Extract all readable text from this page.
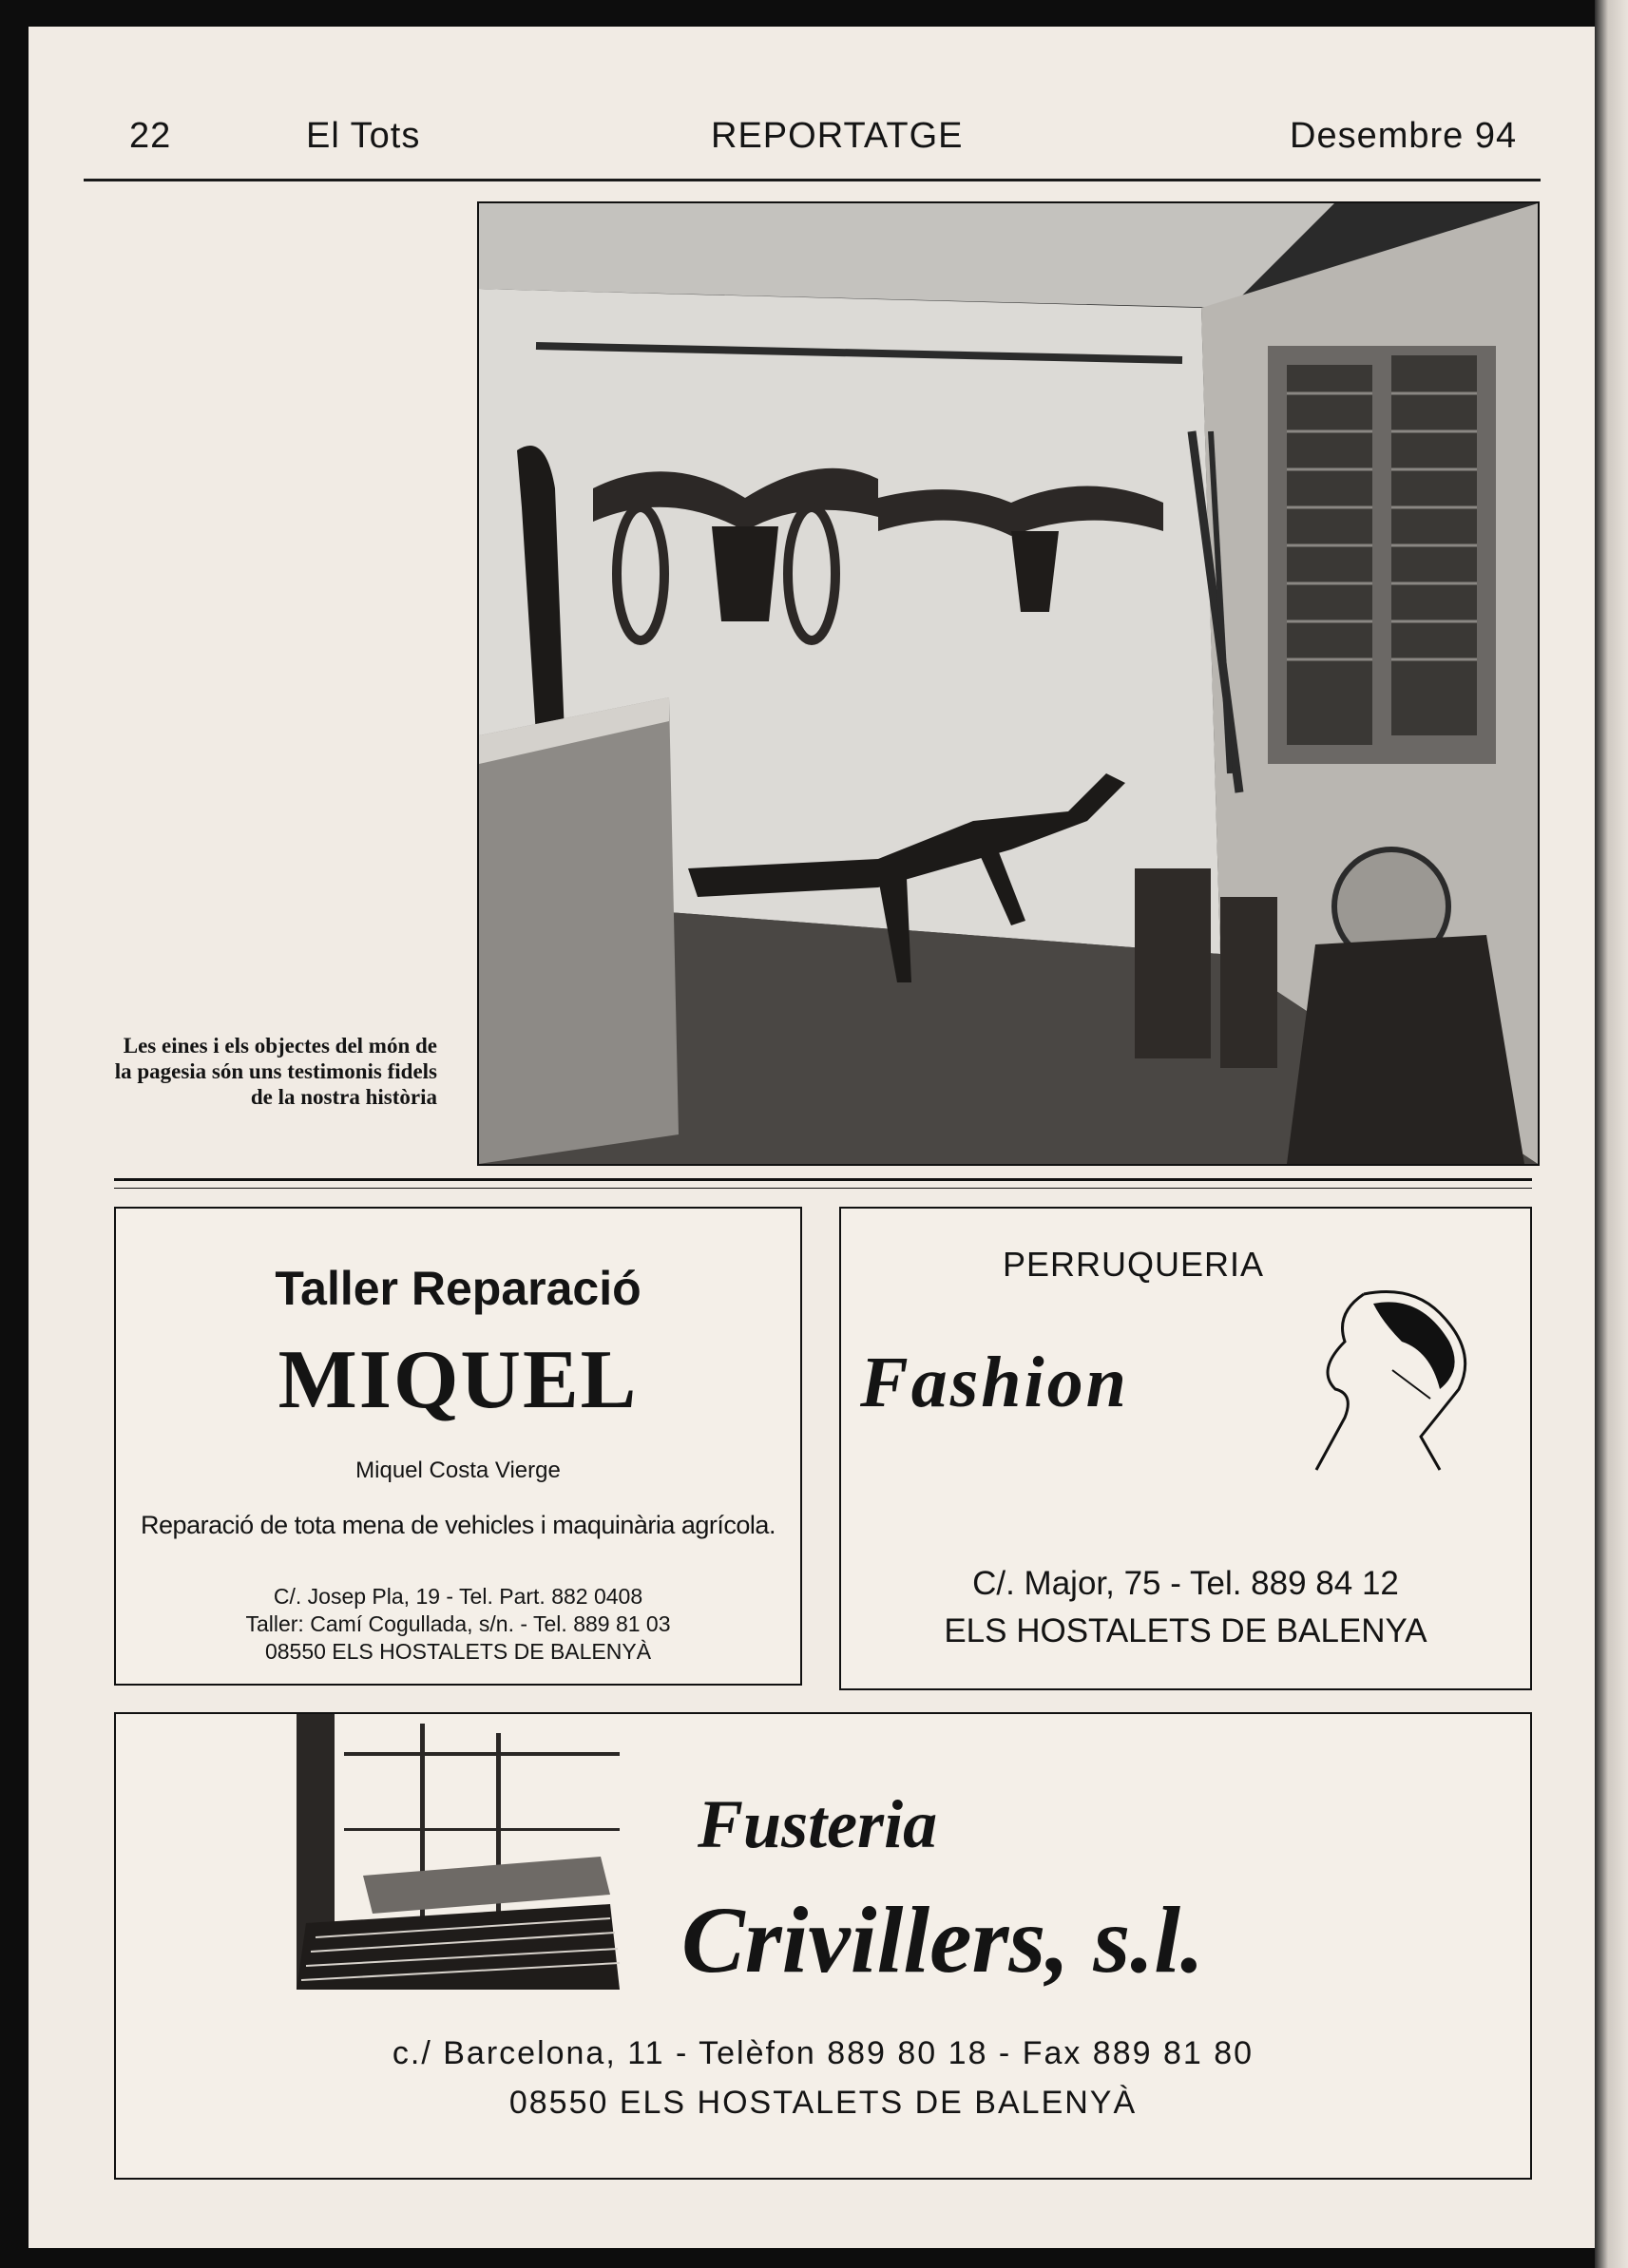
22	El Tots	REPORTATGE	Desembre 94
Les eines i els objectes del món de la pagesia són uns testimonis fidels de la nostra història
Taller Reparació
MIQUEL
Miquel Costa Vierge
Reparació de tota mena de vehicles i maquinària agrícola.
C/. Josep Pla, 19 - Tel. Part. 882 0408
Taller: Camí Cogullada, s/n. - Tel. 889 81 03
08550 ELS HOSTALETS DE BALENYÀ
PERRUQUERIA
Fashion
C/. Major, 75 - Tel. 889 84 12
ELS HOSTALETS DE BALENYA
Fusteria
Crivillers, s.l.
c./ Barcelona, 11 - Telèfon 889 80 18 - Fax 889 81 80
08550 ELS HOSTALETS DE BALENYÀ
